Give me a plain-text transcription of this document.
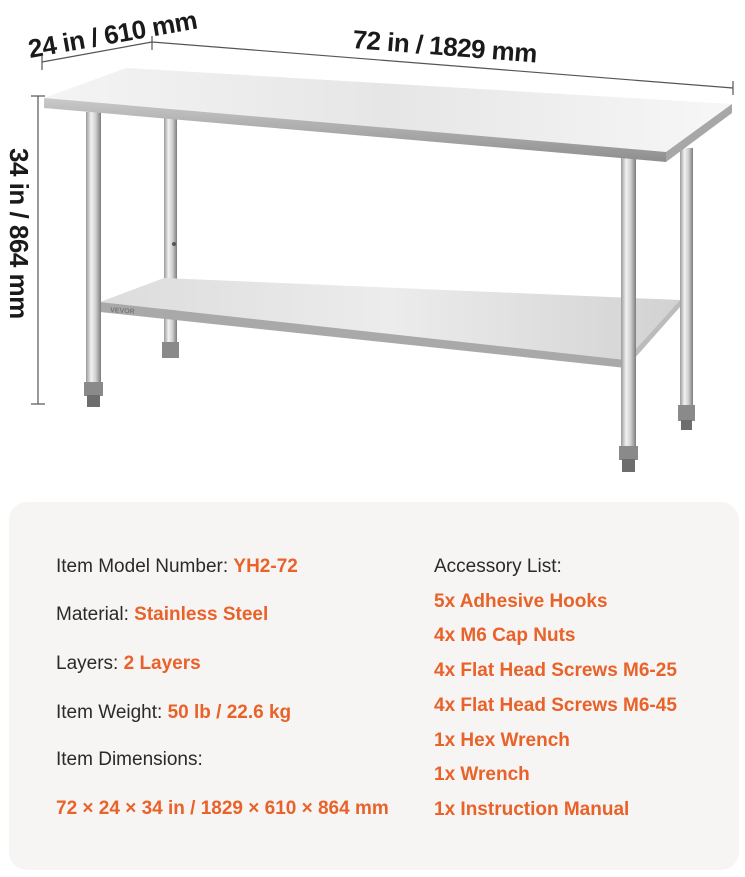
24 in / 610 mm	72 in / 1829 mm
34 in / 864 mm	VEVOR
Item Model Number: YH2-72
Material: Stainless Steel
Layers: 2 Layers
Item Weight: 50 lb / 22.6 kg
Item Dimensions:
72 × 24 × 34 in / 1829 × 610 × 864 mm
Accessory List:
5x Adhesive Hooks
4x M6 Cap Nuts
4x Flat Head Screws M6-25
4x Flat Head Screws M6-45
1x Hex Wrench
1x Wrench
1x Instruction Manual
